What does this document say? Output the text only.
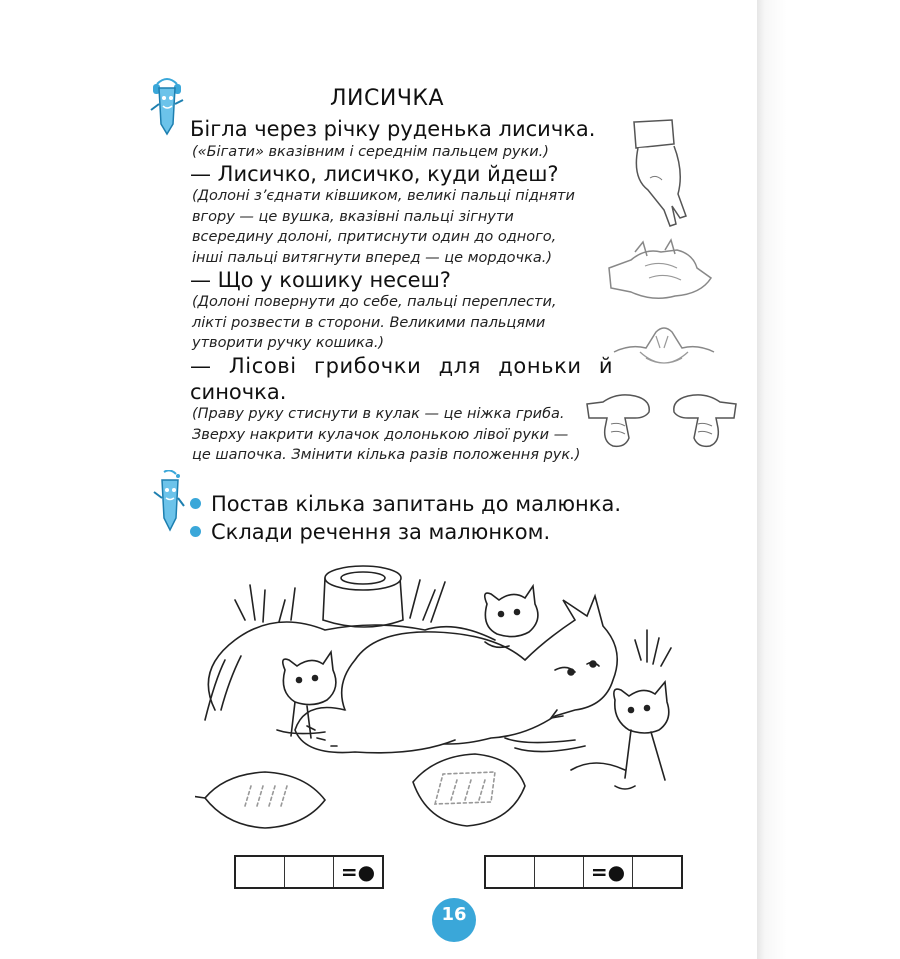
ЛИСИЧКА
Бігла через річку руденька лисичка.
(«Бігати» вказівним і середнім пальцем руки.)
— Лисичко, лисичко, куди йдеш?
(Долоні з’єднати ківшиком, великі пальці підняти
вгору — це вушка, вказівні пальці зігнути
всередину долоні, притиснути один до одного,
інші пальці витягнути вперед — це мордочка.)
— Що у кошику несеш?
(Долоні повернути до себе, пальці переплести,
лікті розвести в сторони. Великими пальцями
утворити ручку кошика.)
— Лісові грибочки для доньки й
синочка.
(Праву руку стиснути в кулак — це ніжка гриба.
Зверху накрити кулачок долонькою лівої руки —
це шапочка. Змінити кілька разів положення рук.)
Постав кілька запитань до малюнка.
Склади речення за малюнком.
=●	=●
16
